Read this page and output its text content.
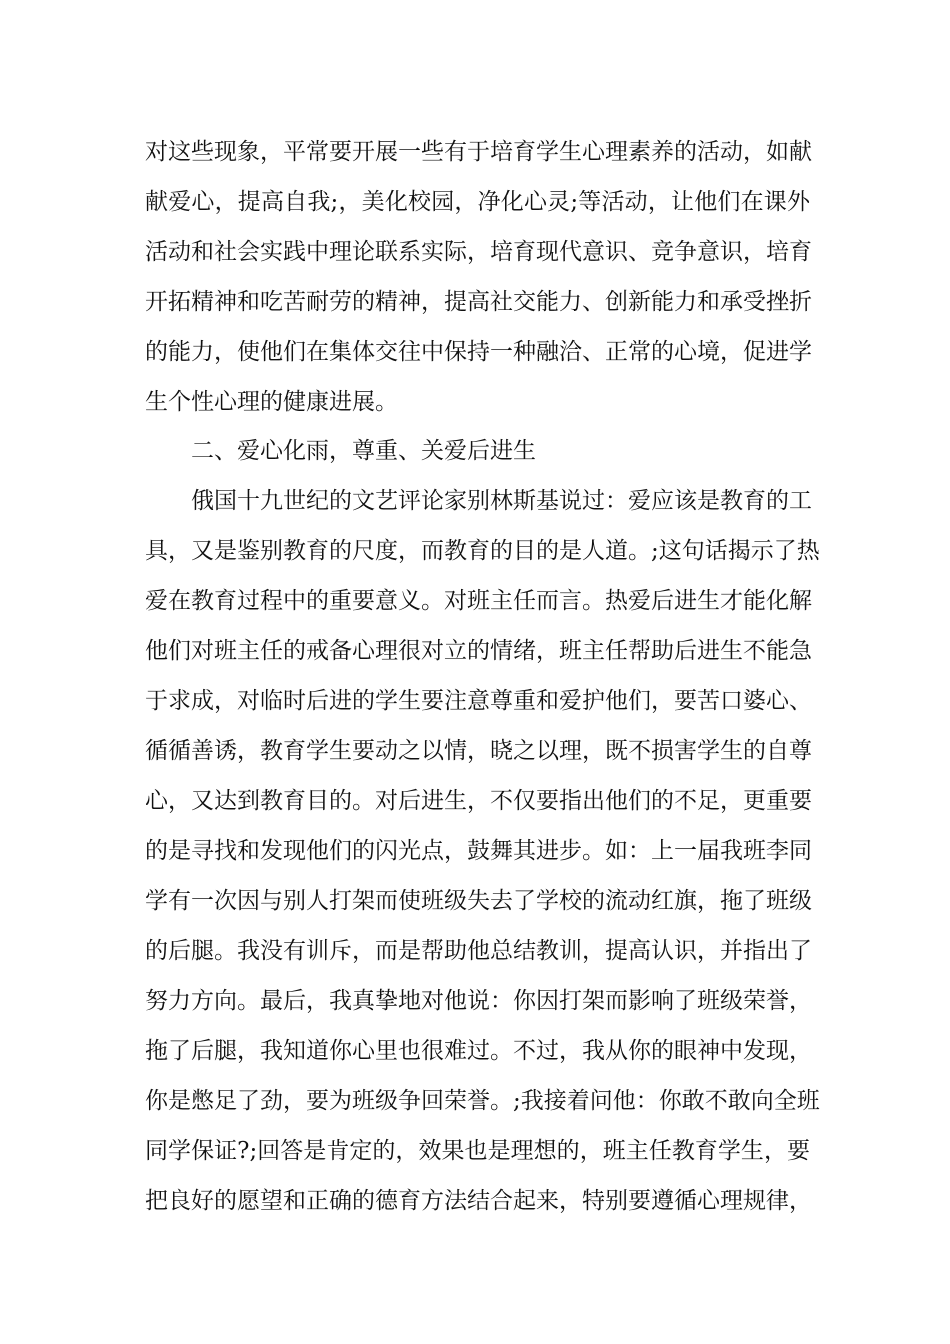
对这些现象，平常要开展一些有于培育学生心理素养的活动，如献
献爱心，提高自我;，美化校园，净化心灵;等活动，让他们在课外
活动和社会实践中理论联系实际，培育现代意识、竞争意识，培育
开拓精神和吃苦耐劳的精神，提高社交能力、创新能力和承受挫折
的能力，使他们在集体交往中保持一种融洽、正常的心境，促进学
生个性心理的健康进展。
二、爱心化雨，尊重、关爱后进生
俄国十九世纪的文艺评论家别林斯基说过：爱应该是教育的工
具，又是鉴别教育的尺度，而教育的目的是人道。;这句话揭示了热
爱在教育过程中的重要意义。对班主任而言。热爱后进生才能化解
他们对班主任的戒备心理很对立的情绪，班主任帮助后进生不能急
于求成，对临时后进的学生要注意尊重和爱护他们，要苦口婆心、
循循善诱，教育学生要动之以情，晓之以理，既不损害学生的自尊
心，又达到教育目的。对后进生，不仅要指出他们的不足，更重要
的是寻找和发现他们的闪光点，鼓舞其进步。如：上一届我班李同
学有一次因与别人打架而使班级失去了学校的流动红旗，拖了班级
的后腿。我没有训斥，而是帮助他总结教训，提高认识，并指出了
努力方向。最后，我真挚地对他说：你因打架而影响了班级荣誉，
拖了后腿，我知道你心里也很难过。不过，我从你的眼神中发现，
你是憋足了劲，要为班级争回荣誉。;我接着问他：你敢不敢向全班
同学保证?;回答是肯定的，效果也是理想的，班主任教育学生，要
把良好的愿望和正确的德育方法结合起来，特别要遵循心理规律，
